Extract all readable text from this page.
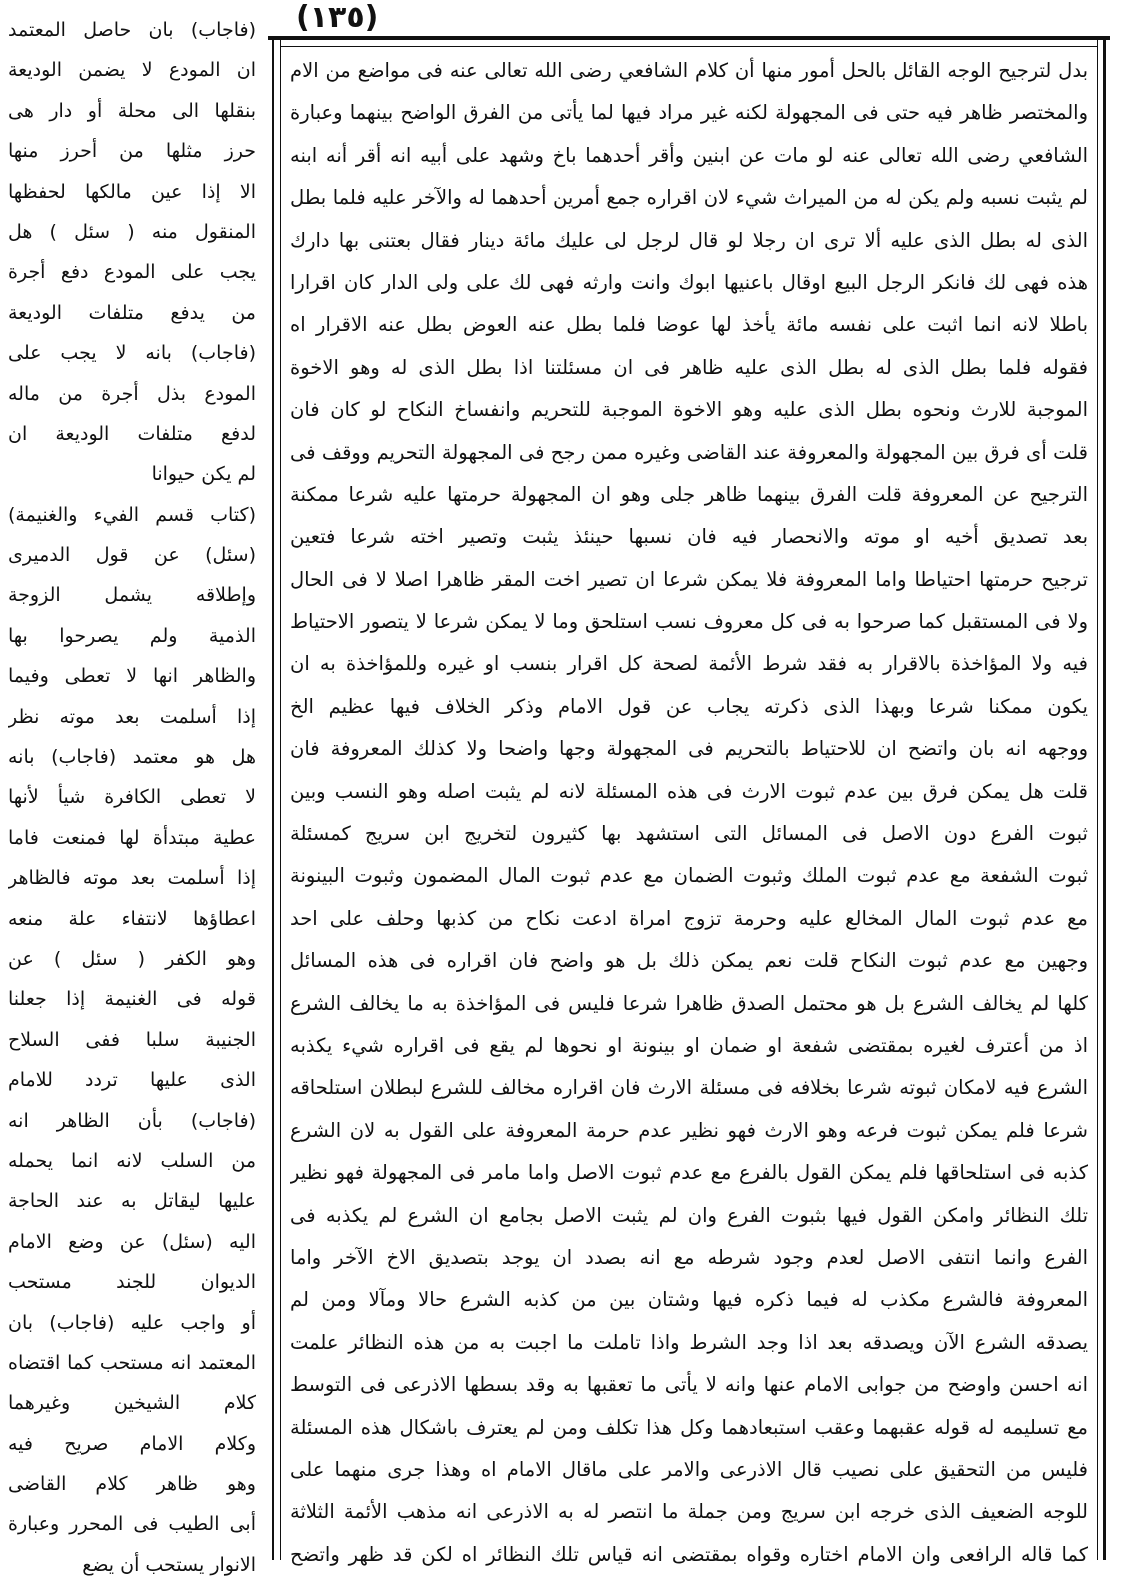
(١٣٥)
(فاجاب) بان حاصل المعتمد
ان المودع لا يضمن الوديعة
بنقلها الى محلة أو دار هى
حرز مثلها من أحرز منها
الا إذا عين مالكها لحفظها
المنقول منه ( سئل ) هل
يجب على المودع دفع أجرة
من يدفع متلفات الوديعة
(فاجاب) بانه لا يجب على
المودع بذل أجرة من ماله
لدفع متلفات الوديعة ان
لم يكن حيوانا
(كتاب قسم الفيء والغنيمة)
(سئل) عن قول الدميرى
وإطلاقه يشمل الزوجة
الذمية ولم يصرحوا بها
والظاهر انها لا تعطى وفيما
إذا أسلمت بعد موته نظر
هل هو معتمد (فاجاب) بانه
لا تعطى الكافرة شيأ لأنها
عطية مبتدأة لها فمنعت فاما
إذا أسلمت بعد موته فالظاهر
اعطاؤها لانتفاء علة منعه
وهو الكفر ( سئل ) عن
قوله فى الغنيمة إذا جعلنا
الجنيبة سلبا ففى السلاح
الذى عليها تردد للامام
(فاجاب) بأن الظاهر انه
من السلب لانه انما يحمله
عليها ليقاتل به عند الحاجة
اليه (سئل) عن وضع الامام
الديوان للجند مستحب
أو واجب عليه (فاجاب) بان
المعتمد انه مستحب كما اقتضاه
كلام الشيخين وغيرهما
وكلام الامام صريح فيه
وهو ظاهر كلام القاضى
أبى الطيب فى المحرر وعبارة
الانوار يستحب أن يضع
بدل لترجيح الوجه القائل بالحل أمور منها أن كلام الشافعي رضى الله تعالى عنه فى مواضع من الام
والمختصر ظاهر فيه حتى فى المجهولة لكنه غير مراد فيها لما يأتى من الفرق الواضح بينهما وعبارة
الشافعي رضى الله تعالى عنه لو مات عن ابنين وأقر أحدهما باخ وشهد على أبيه انه أقر أنه ابنه
لم يثبت نسبه ولم يكن له من الميراث شيء لان اقراره جمع أمرين أحدهما له والآخر عليه فلما بطل
الذى له بطل الذى عليه ألا ترى ان رجلا لو قال لرجل لى عليك مائة دينار فقال بعتنى بها دارك
هذه فهى لك فانكر الرجل البيع اوقال باعنيها ابوك وانت وارثه فهى لك على ولى الدار كان اقرارا
باطلا لانه انما اثبت على نفسه مائة يأخذ لها عوضا فلما بطل عنه العوض بطل عنه الاقرار اه
فقوله فلما بطل الذى له بطل الذى عليه ظاهر فى ان مسئلتنا اذا بطل الذى له وهو الاخوة
الموجبة للارث ونحوه بطل الذى عليه وهو الاخوة الموجبة للتحريم وانفساخ النكاح لو كان فان
قلت أى فرق بين المجهولة والمعروفة عند القاضى وغيره ممن رجح فى المجهولة التحريم ووقف فى
الترجيح عن المعروفة قلت الفرق بينهما ظاهر جلى وهو ان المجهولة حرمتها عليه شرعا ممكنة
بعد تصديق أخيه او موته والانحصار فيه فان نسبها حينئذ يثبت وتصير اخته شرعا فتعين
ترجيح حرمتها احتياطا واما المعروفة فلا يمكن شرعا ان تصير اخت المقر ظاهرا اصلا لا فى الحال
ولا فى المستقبل كما صرحوا به فى كل معروف نسب استلحق وما لا يمكن شرعا لا يتصور الاحتياط
فيه ولا المؤاخذة بالاقرار به فقد شرط الأئمة لصحة كل اقرار بنسب او غيره وللمؤاخذة به ان
يكون ممكنا شرعا وبهذا الذى ذكرته يجاب عن قول الامام وذكر الخلاف فيها عظيم الخ
ووجهه انه بان واتضح ان للاحتياط بالتحريم فى المجهولة وجها واضحا ولا كذلك المعروفة فان
قلت هل يمكن فرق بين عدم ثبوت الارث فى هذه المسئلة لانه لم يثبت اصله وهو النسب وبين
ثبوت الفرع دون الاصل فى المسائل التى استشهد بها كثيرون لتخريج ابن سريج كمسئلة
ثبوت الشفعة مع عدم ثبوت الملك وثبوت الضمان مع عدم ثبوت المال المضمون وثبوت البينونة
مع عدم ثبوت المال المخالع عليه وحرمة تزوج امراة ادعت نكاح من كذبها وحلف على احد
وجهين مع عدم ثبوت النكاح قلت نعم يمكن ذلك بل هو واضح فان اقراره فى هذه المسائل
كلها لم يخالف الشرع بل هو محتمل الصدق ظاهرا شرعا فليس فى المؤاخذة به ما يخالف الشرع
اذ من أعترف لغيره بمقتضى شفعة او ضمان او بينونة او نحوها لم يقع فى اقراره شيء يكذبه
الشرع فيه لامكان ثبوته شرعا بخلافه فى مسئلة الارث فان اقراره مخالف للشرع لبطلان استلحاقه
شرعا فلم يمكن ثبوت فرعه وهو الارث فهو نظير عدم حرمة المعروفة على القول به لان الشرع
كذبه فى استلحاقها فلم يمكن القول بالفرع مع عدم ثبوت الاصل واما مامر فى المجهولة فهو نظير
تلك النظائر وامكن القول فيها بثبوت الفرع وان لم يثبت الاصل بجامع ان الشرع لم يكذبه فى
الفرع وانما انتفى الاصل لعدم وجود شرطه مع انه بصدد ان يوجد بتصديق الاخ الآخر واما
المعروفة فالشرع مكذب له فيما ذكره فيها وشتان بين من كذبه الشرع حالا ومآلا ومن لم
يصدقه الشرع الآن ويصدقه بعد اذا وجد الشرط واذا تاملت ما اجبت به من هذه النظائر علمت
انه احسن واوضح من جوابى الامام عنها وانه لا يأتى ما تعقبها به وقد بسطها الاذرعى فى التوسط
مع تسليمه له قوله عقبهما وعقب استبعادهما وكل هذا تكلف ومن لم يعترف باشكال هذه المسئلة
فليس من التحقيق على نصيب قال الاذرعى والامر على ماقال الامام اه وهذا جرى منهما على
للوجه الضعيف الذى خرجه ابن سريج ومن جملة ما انتصر له به الاذرعى انه مذهب الأئمة الثلاثة
كما قاله الرافعى وان الامام اختاره وقواه بمقتضى انه قياس تلك النظائر اه لكن قد ظهر واتضح
